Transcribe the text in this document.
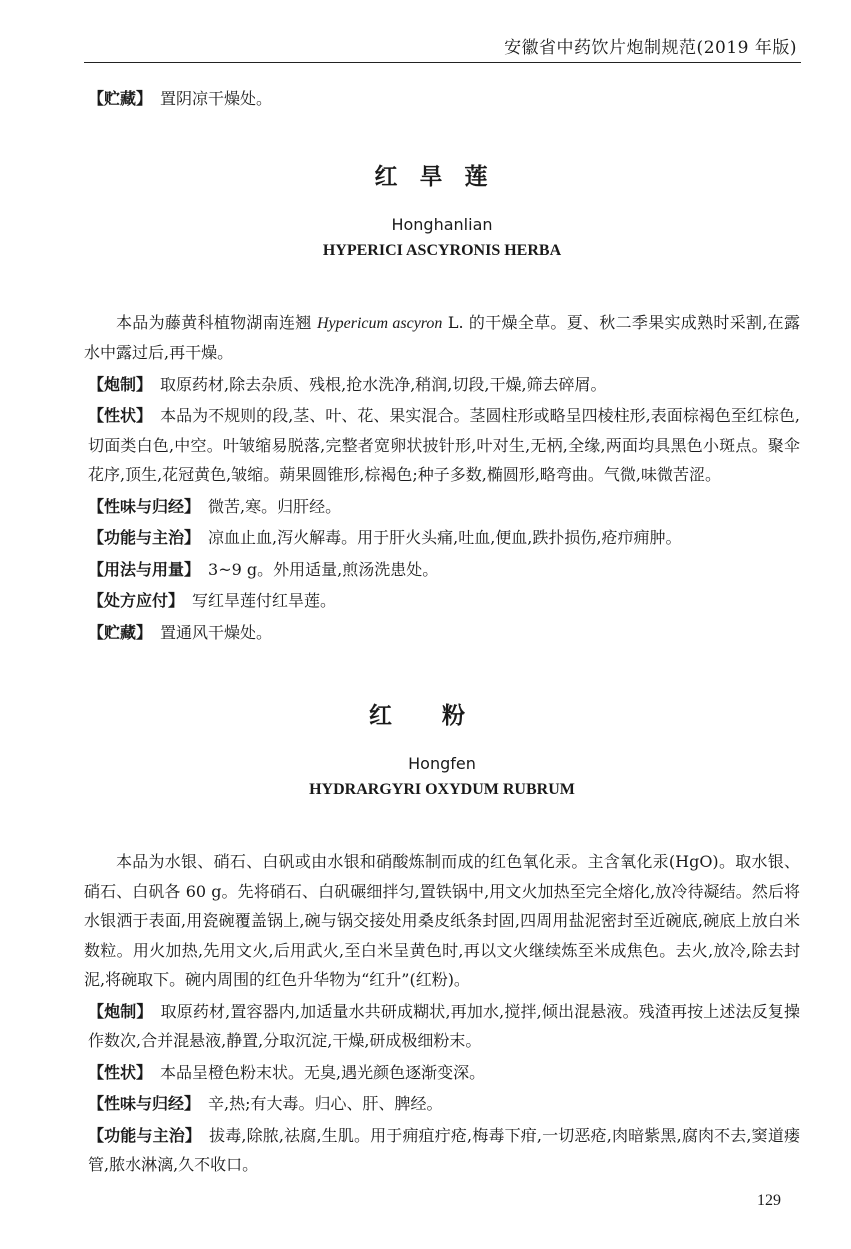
安徽省中药饮片炮制规范(2019 年版)

【贮藏】 置阴凉干燥处。

红旱莲
Honghanlian
HYPERICI ASCYRONIS HERBA

本品为藤黄科植物湖南连翘 Hypericum ascyron L. 的干燥全草。夏、秋二季果实成熟时采割,在露水中露过后,再干燥。

【炮制】 取原药材,除去杂质、残根,抢水洗净,稍润,切段,干燥,筛去碎屑。

【性状】 本品为不规则的段,茎、叶、花、果实混合。茎圆柱形或略呈四棱柱形,表面棕褐色至红棕色,切面类白色,中空。叶皱缩易脱落,完整者宽卵状披针形,叶对生,无柄,全缘,两面均具黑色小斑点。聚伞花序,顶生,花冠黄色,皱缩。蒴果圆锥形,棕褐色;种子多数,椭圆形,略弯曲。气微,味微苦涩。

【性味与归经】 微苦,寒。归肝经。

【功能与主治】 凉血止血,泻火解毒。用于肝火头痛,吐血,便血,跌扑损伤,疮疖痈肿。

【用法与用量】 3~9 g。外用适量,煎汤洗患处。

【处方应付】 写红旱莲付红旱莲。

【贮藏】 置通风干燥处。

红粉
Hongfen
HYDRARGYRI OXYDUM RUBRUM

本品为水银、硝石、白矾或由水银和硝酸炼制而成的红色氧化汞。主含氧化汞(HgO)。取水银、硝石、白矾各 60 g。先将硝石、白矾碾细拌匀,置铁锅中,用文火加热至完全熔化,放冷待凝结。然后将水银洒于表面,用瓷碗覆盖锅上,碗与锅交接处用桑皮纸条封固,四周用盐泥密封至近碗底,碗底上放白米数粒。用火加热,先用文火,后用武火,至白米呈黄色时,再以文火继续炼至米成焦色。去火,放冷,除去封泥,将碗取下。碗内周围的红色升华物为“红升”(红粉)。

【炮制】 取原药材,置容器内,加适量水共研成糊状,再加水,搅拌,倾出混悬液。残渣再按上述法反复操作数次,合并混悬液,静置,分取沉淀,干燥,研成极细粉末。

【性状】 本品呈橙色粉末状。无臭,遇光颜色逐渐变深。

【性味与归经】 辛,热;有大毒。归心、肝、脾经。

【功能与主治】 拔毒,除脓,祛腐,生肌。用于痈疽疔疮,梅毒下疳,一切恶疮,肉暗紫黑,腐肉不去,窦道瘘管,脓水淋漓,久不收口。

129
